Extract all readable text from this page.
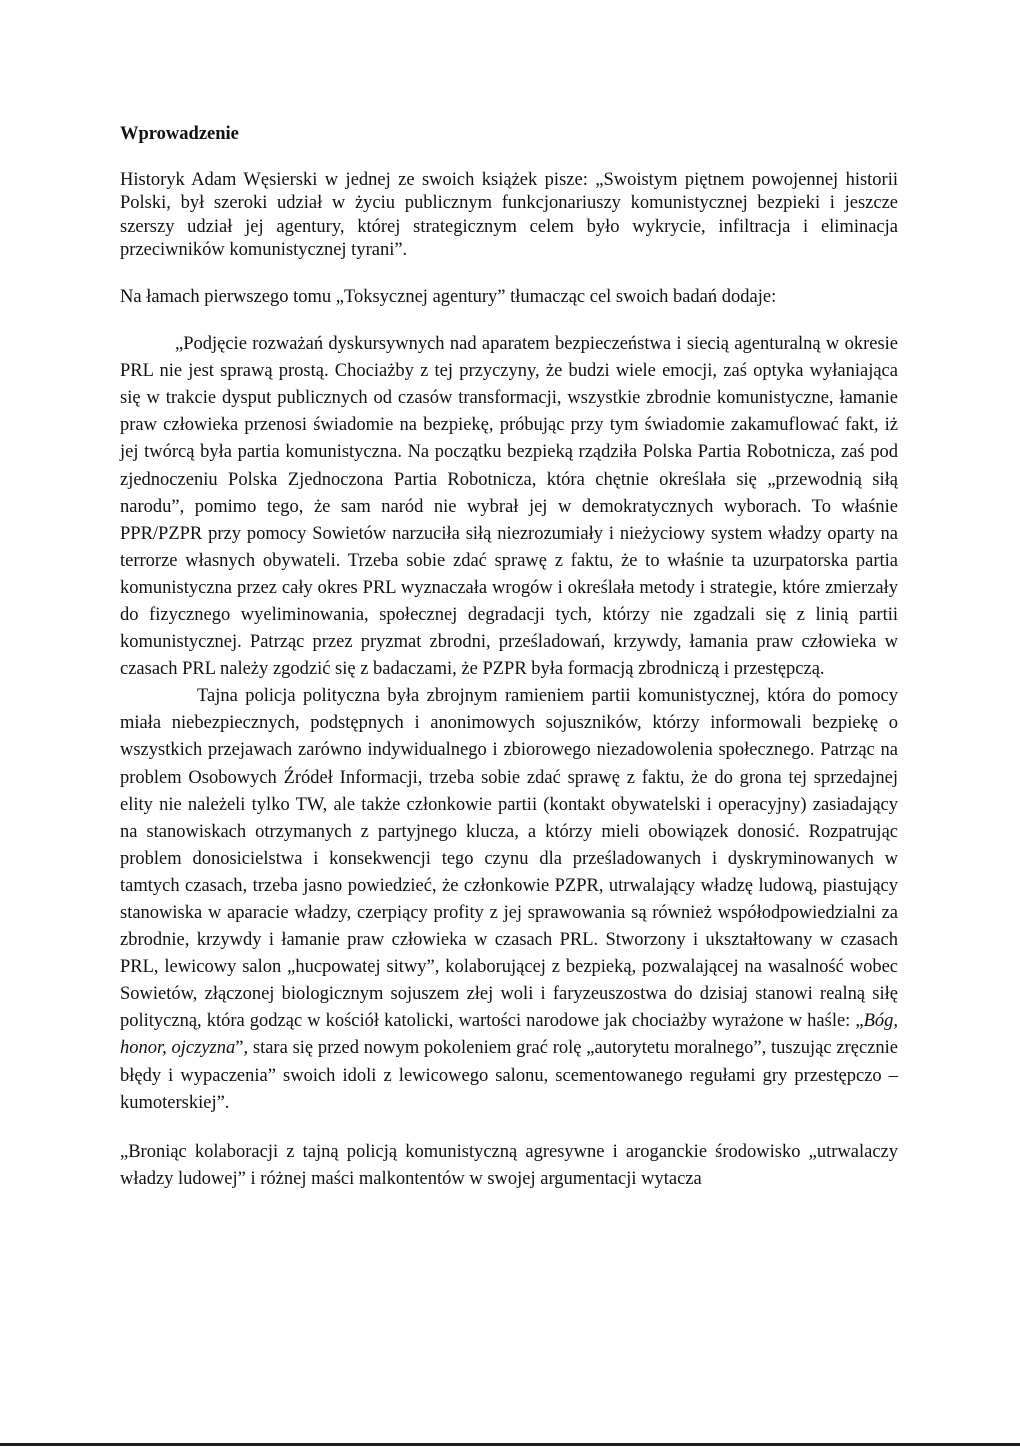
Wprowadzenie

Historyk Adam Węsierski w jednej ze swoich książek pisze: „Swoistym piętnem powojennej historii Polski, był szeroki udział w życiu publicznym funkcjonariuszy komunistycznej bezpieki i jeszcze szerszy udział jej agentury, której strategicznym celem było wykrycie, infiltracja i eliminacja przeciwników komunistycznej tyrani”.

Na łamach pierwszego tomu „Toksycznej agentury” tłumacząc cel swoich badań dodaje:

„Podjęcie rozważań dyskursywnych nad aparatem bezpieczeństwa i siecią agenturalną w okresie PRL nie jest sprawą prostą. Chociażby z tej przyczyny, że budzi wiele emocji, zaś optyka wyłaniająca się w trakcie dysput publicznych od czasów transformacji, wszystkie zbrodnie komunistyczne, łamanie praw człowieka przenosi świadomie na bezpiekę, próbując przy tym świadomie zakamuflować fakt, iż jej twórcą była partia komunistyczna. Na początku bezpieką rządziła Polska Partia Robotnicza, zaś pod zjednoczeniu Polska Zjednoczona Partia Robotnicza, która chętnie określała się „przewodnią siłą narodu”, pomimo tego, że sam naród nie wybrał jej w demokratycznych wyborach. To właśnie PPR/PZPR przy pomocy Sowietów narzuciła siłą niezrozumiały i nieżyciowy system władzy oparty na terrorze własnych obywateli. Trzeba sobie zdać sprawę z faktu, że to właśnie ta uzurpatorska partia komunistyczna przez cały okres PRL wyznaczała wrogów i określała metody i strategie, które zmierzały do fizycznego wyeliminowania, społecznej degradacji tych, którzy nie zgadzali się z linią partii komunistycznej. Patrząc przez pryzmat zbrodni, prześladowań, krzywdy, łamania praw człowieka w czasach PRL należy zgodzić się z badaczami, że PZPR była formacją zbrodniczą i przestępczą.

Tajna policja polityczna była zbrojnym ramieniem partii komunistycznej, która do pomocy miała niebezpiecznych, podstępnych i anonimowych sojuszników, którzy informowali bezpiekę o wszystkich przejawach zarówno indywidualnego i zbiorowego niezadowolenia społecznego. Patrząc na problem Osobowych Źródeł Informacji, trzeba sobie zdać sprawę z faktu, że do grona tej sprzedajnej elity nie należeli tylko TW, ale także członkowie partii (kontakt obywatelski i operacyjny) zasiadający na stanowiskach otrzymanych z partyjnego klucza, a którzy mieli obowiązek donosić. Rozpatrując problem donosicielstwa i konsekwencji tego czynu dla prześladowanych i dyskryminowanych w tamtych czasach, trzeba jasno powiedzieć, że członkowie PZPR, utrwalający władzę ludową, piastujący stanowiska w aparacie władzy, czerpiący profity z jej sprawowania są również współodpowiedzialni za zbrodnie, krzywdy i łamanie praw człowieka w czasach PRL. Stworzony i ukształtowany w czasach PRL, lewicowy salon „hucpowatej sitwy”, kolaborującej z bezpieką, pozwalającej na wasalność wobec Sowietów, złączonej biologicznym sojuszem złej woli i faryzeuszostwa do dzisiaj stanowi realną siłę polityczną, która godząc w kościół katolicki, wartości narodowe jak chociażby wyrażone w haśle: „Bóg, honor, ojczyzna”, stara się przed nowym pokoleniem grać rolę „autorytetu moralnego”, tuszując zręcznie błędy i wypaczenia” swoich idoli z lewicowego salonu, scementowanego regułami gry przestępczo – kumoterskiej”.

„Broniąc kolaboracji z tajną policją komunistyczną agresywne i aroganckie środowisko „utrwalaczy władzy ludowej” i różnej maści malkontentów w swojej argumentacji wytacza
